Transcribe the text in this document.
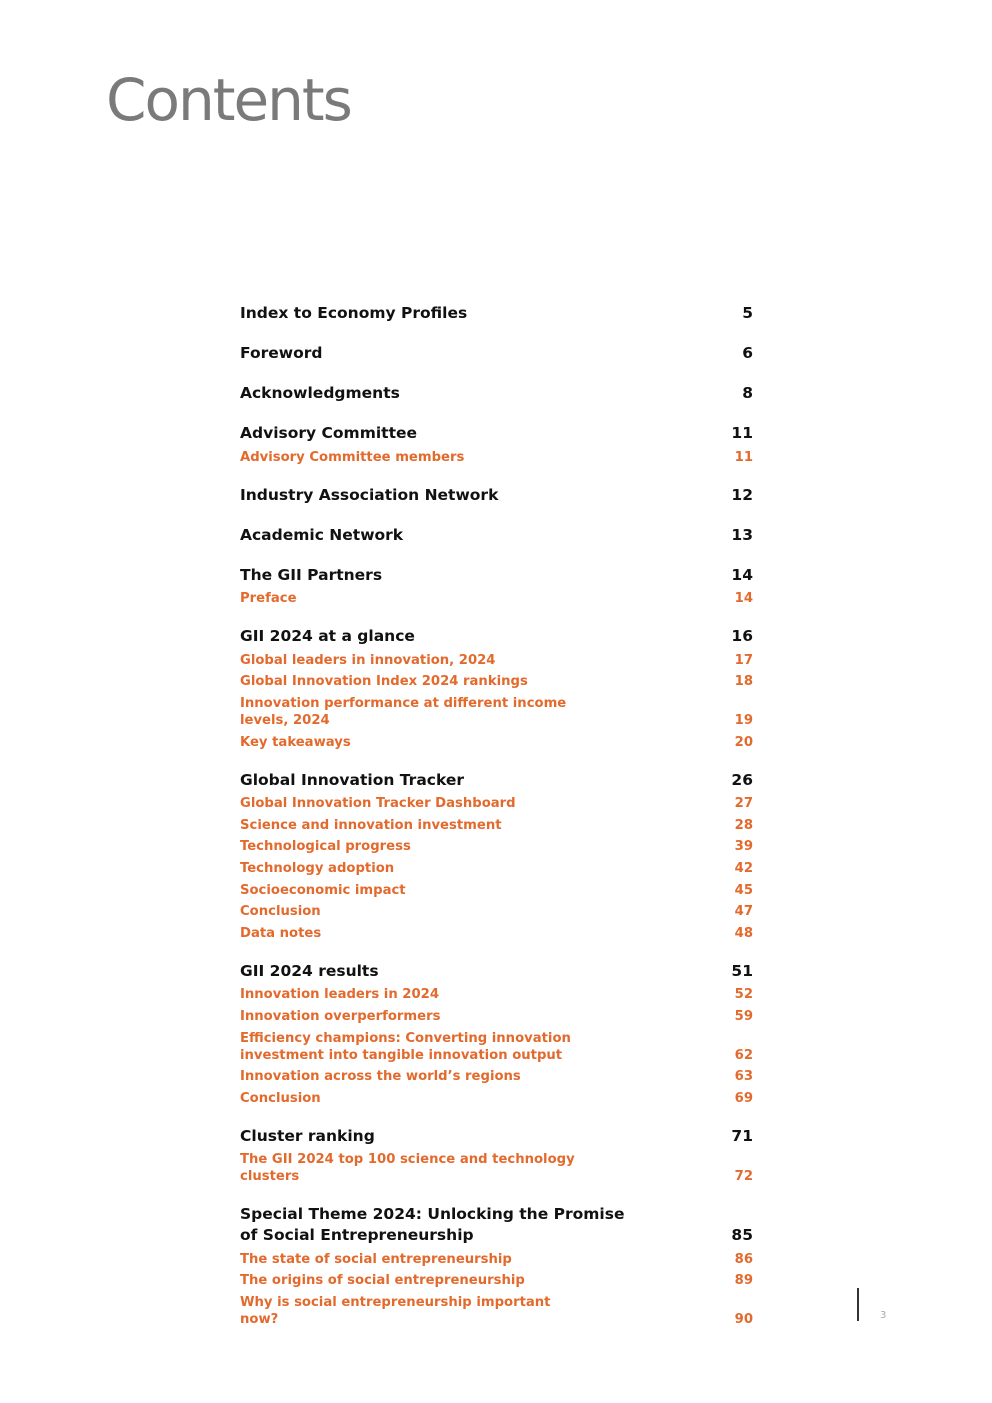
Contents
Index to Economy Profiles	5
Foreword	6
Acknowledgments	8
Advisory Committee	11
Advisory Committee members	11
Industry Association Network	12
Academic Network	13
The GII Partners	14
Preface	14
GII 2024 at a glance	16
Global leaders in innovation, 2024	17
Global Innovation Index 2024 rankings	18
Innovation performance at different income levels, 2024	19
Key takeaways	20
Global Innovation Tracker	26
Global Innovation Tracker Dashboard	27
Science and innovation investment	28
Technological progress	39
Technology adoption	42
Socioeconomic impact	45
Conclusion	47
Data notes	48
GII 2024 results	51
Innovation leaders in 2024	52
Innovation overperformers	59
Efficiency champions: Converting innovation investment into tangible innovation output	62
Innovation across the world’s regions	63
Conclusion	69
Cluster ranking	71
The GII 2024 top 100 science and technology clusters	72
Special Theme 2024: Unlocking the Promise of Social Entrepreneurship	85
The state of social entrepreneurship	86
The origins of social entrepreneurship	89
Why is social entrepreneurship important now?	90	3
